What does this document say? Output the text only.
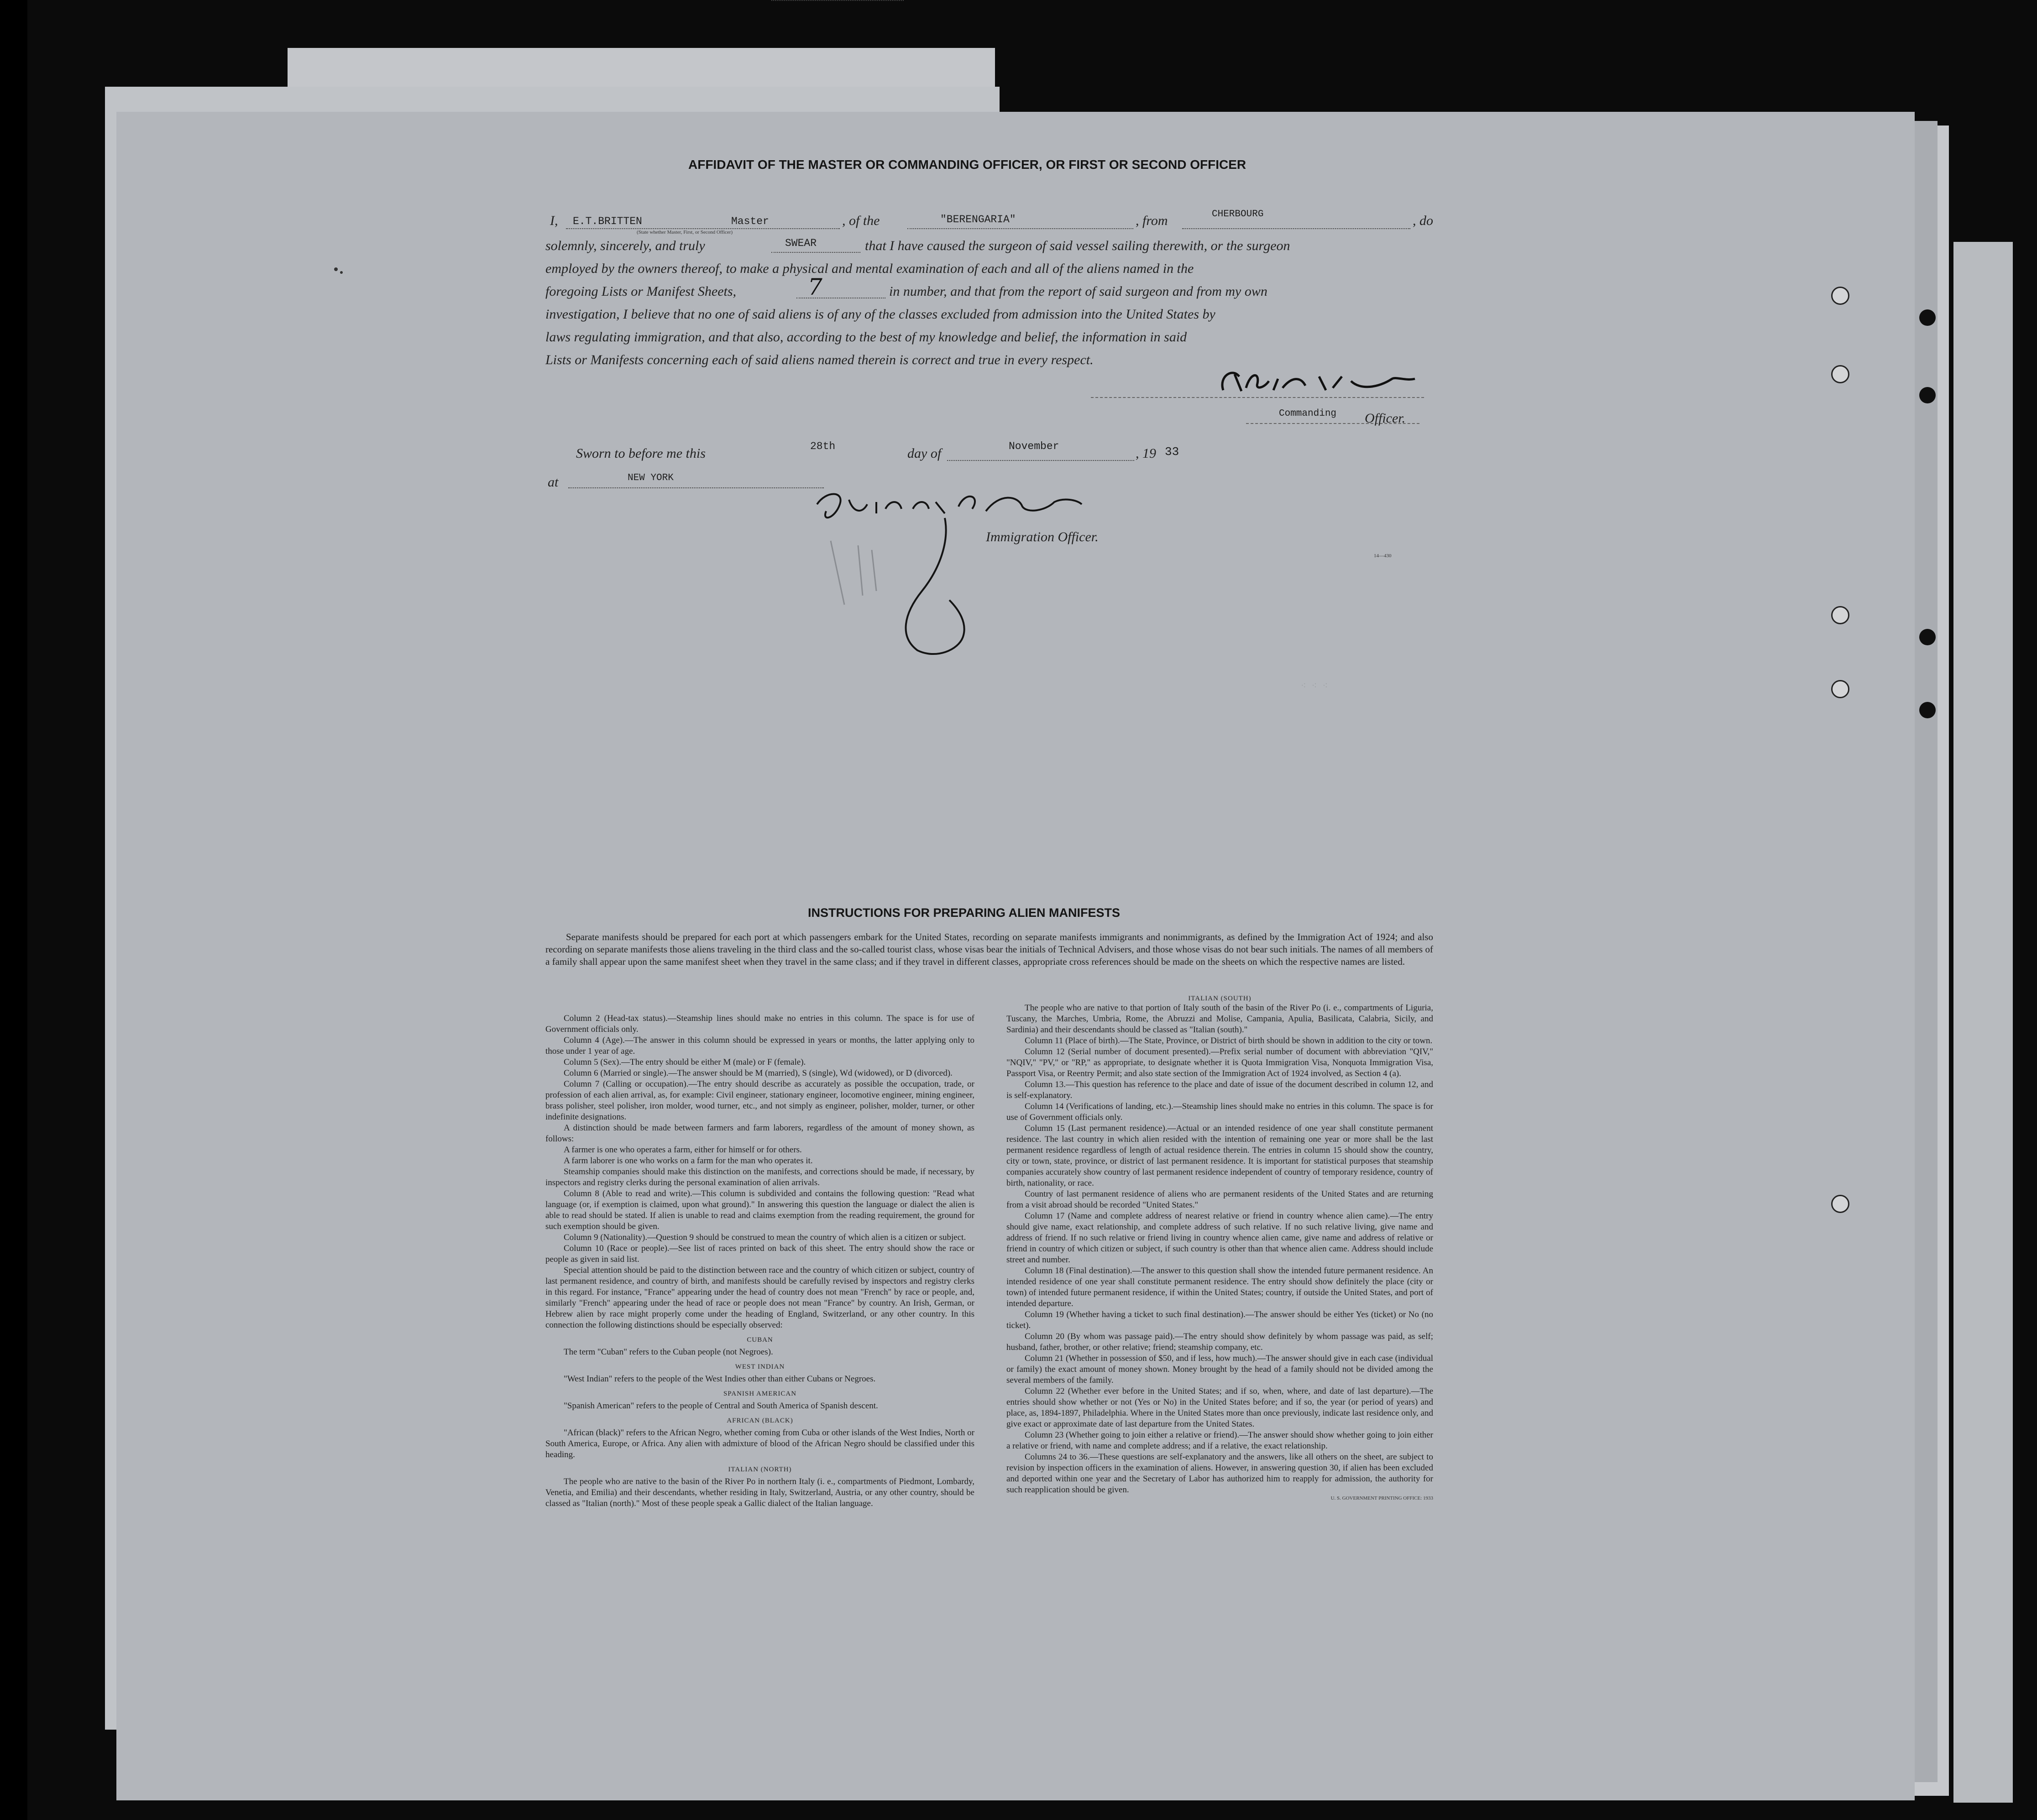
AFFIDAVIT OF THE MASTER OR COMMANDING OFFICER, OR FIRST OR SECOND OFFICER
I, E.T.BRITTEN	Master	, of the	"BERENGARIA"	, from	CHERBOURG	, do
(State whether Master, First, or Second Officer)
solemnly, sincerely, and truly	SWEAR	that I have caused the surgeon of said vessel sailing therewith, or the surgeon
employed by the owners thereof, to make a physical and mental examination of each and all of the aliens named in the
foregoing Lists or Manifest Sheets,	7	in number, and that from the report of said surgeon and from my own
investigation, I believe that no one of said aliens is of any of the classes excluded from admission into the United States by
laws regulating immigration, and that also, according to the best of my knowledge and belief, the information in said
Lists or Manifests concerning each of said aliens named therein is correct and true in every respect.
Commanding Officer.
Sworn to before me this	28th	day of	November	, 19 33
at	NEW YORK
Immigration Officer.
14—430
⁖ ⁖ ⁖
INSTRUCTIONS FOR PREPARING ALIEN MANIFESTS
Separate manifests should be prepared for each port at which passengers embark for the United States, recording on separate manifests immigrants and nonimmigrants, as defined by the Immigration Act of 1924; and also recording on separate manifests those aliens traveling in the third class and the so-called tourist class, whose visas bear the initials of Technical Advisers, and those whose visas do not bear such initials. The names of all members of a family shall appear upon the same manifest sheet when they travel in the same class; and if they travel in different classes, appropriate cross references should be made on the sheets on which the respective names are listed.
Column 2 (Head-tax status).—Steamship lines should make no entries in this column. The space is for use of Government officials only.
Column 4 (Age).—The answer in this column should be expressed in years or months, the latter applying only to those under 1 year of age.
Column 5 (Sex).—The entry should be either M (male) or F (female).
Column 6 (Married or single).—The answer should be M (married), S (single), Wd (widowed), or D (divorced).
Column 7 (Calling or occupation).—The entry should describe as accurately as possible the occupation, trade, or profession of each alien arrival, as, for example: Civil engineer, stationary engineer, locomotive engineer, mining engineer, brass polisher, steel polisher, iron molder, wood turner, etc., and not simply as engineer, polisher, molder, turner, or other indefinite designations.
A distinction should be made between farmers and farm laborers, regardless of the amount of money shown, as follows:
A farmer is one who operates a farm, either for himself or for others.
A farm laborer is one who works on a farm for the man who operates it.
Steamship companies should make this distinction on the manifests, and corrections should be made, if necessary, by inspectors and registry clerks during the personal examination of alien arrivals.
Column 8 (Able to read and write).—This column is subdivided and contains the following question: "Read what language (or, if exemption is claimed, upon what ground)." In answering this question the language or dialect the alien is able to read should be stated. If alien is unable to read and claims exemption from the reading requirement, the ground for such exemption should be given.
Column 9 (Nationality).—Question 9 should be construed to mean the country of which alien is a citizen or subject.
Column 10 (Race or people).—See list of races printed on back of this sheet. The entry should show the race or people as given in said list.
Special attention should be paid to the distinction between race and the country of which citizen or subject, country of last permanent residence, and country of birth, and manifests should be carefully revised by inspectors and registry clerks in this regard. For instance, "France" appearing under the head of country does not mean "French" by race or people, and, similarly "French" appearing under the head of race or people does not mean "France" by country. An Irish, German, or Hebrew alien by race might properly come under the heading of England, Switzerland, or any other country. In this connection the following distinctions should be especially observed:
CUBAN
The term "Cuban" refers to the Cuban people (not Negroes).
WEST INDIAN
"West Indian" refers to the people of the West Indies other than either Cubans or Negroes.
SPANISH AMERICAN
"Spanish American" refers to the people of Central and South America of Spanish descent.
AFRICAN (BLACK)
"African (black)" refers to the African Negro, whether coming from Cuba or other islands of the West Indies, North or South America, Europe, or Africa. Any alien with admixture of blood of the African Negro should be classified under this heading.
ITALIAN (NORTH)
The people who are native to the basin of the River Po in northern Italy (i. e., compartments of Piedmont, Lombardy, Venetia, and Emilia) and their descendants, whether residing in Italy, Switzerland, Austria, or any other country, should be classed as "Italian (north)." Most of these people speak a Gallic dialect of the Italian language.
ITALIAN (SOUTH)
The people who are native to that portion of Italy south of the basin of the River Po (i. e., compartments of Liguria, Tuscany, the Marches, Umbria, Rome, the Abruzzi and Molise, Campania, Apulia, Basilicata, Calabria, Sicily, and Sardinia) and their descendants should be classed as "Italian (south)."
Column 11 (Place of birth).—The State, Province, or District of birth should be shown in addition to the city or town.
Column 12 (Serial number of document presented).—Prefix serial number of document with abbreviation "QIV," "NQIV," "PV," or "RP," as appropriate, to designate whether it is Quota Immigration Visa, Nonquota Immigration Visa, Passport Visa, or Reentry Permit; and also state section of the Immigration Act of 1924 involved, as Section 4 (a).
Column 13.—This question has reference to the place and date of issue of the document described in column 12, and is self-explanatory.
Column 14 (Verifications of landing, etc.).—Steamship lines should make no entries in this column. The space is for use of Government officials only.
Column 15 (Last permanent residence).—Actual or an intended residence of one year shall constitute permanent residence. The last country in which alien resided with the intention of remaining one year or more shall be the last permanent residence regardless of length of actual residence therein. The entries in column 15 should show the country, city or town, state, province, or district of last permanent residence. It is important for statistical purposes that steamship companies accurately show country of last permanent residence independent of country of temporary residence, country of birth, nationality, or race.
Country of last permanent residence of aliens who are permanent residents of the United States and are returning from a visit abroad should be recorded "United States."
Column 17 (Name and complete address of nearest relative or friend in country whence alien came).—The entry should give name, exact relationship, and complete address of such relative. If no such relative living, give name and address of friend. If no such relative or friend living in country whence alien came, give name and address of relative or friend in country of which citizen or subject, if such country is other than that whence alien came. Address should include street and number.
Column 18 (Final destination).—The answer to this question shall show the intended future permanent residence. An intended residence of one year shall constitute permanent residence. The entry should show definitely the place (city or town) of intended future permanent residence, if within the United States; country, if outside the United States, and port of intended departure.
Column 19 (Whether having a ticket to such final destination).—The answer should be either Yes (ticket) or No (no ticket).
Column 20 (By whom was passage paid).—The entry should show definitely by whom passage was paid, as self; husband, father, brother, or other relative; friend; steamship company, etc.
Column 21 (Whether in possession of $50, and if less, how much).—The answer should give in each case (individual or family) the exact amount of money shown. Money brought by the head of a family should not be divided among the several members of the family.
Column 22 (Whether ever before in the United States; and if so, when, where, and date of last departure).—The entries should show whether or not (Yes or No) in the United States before; and if so, the year (or period of years) and place, as, 1894-1897, Philadelphia. Where in the United States more than once previously, indicate last residence only, and give exact or approximate date of last departure from the United States.
Column 23 (Whether going to join either a relative or friend).—The answer should show whether going to join either a relative or friend, with name and complete address; and if a relative, the exact relationship.
Columns 24 to 36.—These questions are self-explanatory and the answers, like all others on the sheet, are subject to revision by inspection officers in the examination of aliens. However, in answering question 30, if alien has been excluded and deported within one year and the Secretary of Labor has authorized him to reapply for admission, the authority for such reapplication should be given.
U. S. GOVERNMENT PRINTING OFFICE: 1933
